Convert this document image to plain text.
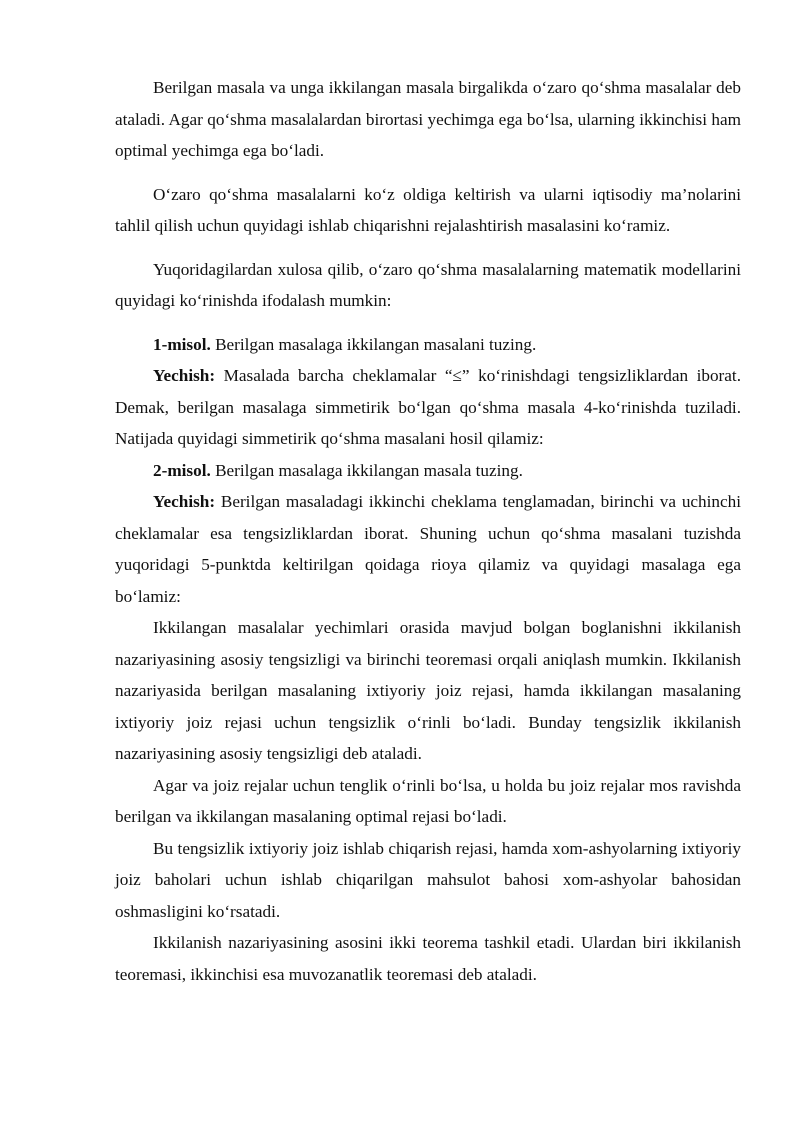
Berilgan masala va unga ikkilangan masala birgalikda o‘zaro qo‘shma masalalar deb ataladi. Agar qo‘shma masalalardan birortasi yechimga ega bo‘lsa, ularning ikkinchisi ham optimal yechimga ega bo‘ladi.

O‘zaro qo‘shma masalalarni ko‘z oldiga keltirish va ularni iqtisodiy ma’nolarini tahlil qilish uchun quyidagi ishlab chiqarishni rejalashtirish masalasini ko‘ramiz.

Yuqoridagilardan xulosa qilib, o‘zaro qo‘shma masalalarning matematik modellarini quyidagi ko‘rinishda ifodalash mumkin:

1-misol. Berilgan masalaga ikkilangan masalani tuzing.

Yechish: Masalada barcha cheklamalar “≤” ko‘rinishdagi tengsizliklardan iborat. Demak, berilgan masalaga simmetirik bo‘lgan qo‘shma masala 4-ko‘rinishda tuziladi. Natijada quyidagi simmetirik qo‘shma masalani hosil qilamiz:

2-misol. Berilgan masalaga ikkilangan masala tuzing.

Yechish: Berilgan masaladagi ikkinchi cheklama tenglamadan, birinchi va uchinchi cheklamalar esa tengsizliklardan iborat. Shuning uchun qo‘shma masalani tuzishda yuqoridagi 5-punktda keltirilgan qoidaga rioya qilamiz va quyidagi masalaga ega bo‘lamiz:

Ikkilangan masalalar yechimlari orasida mavjud bolgan boglanishni ikkilanish nazariyasining asosiy tengsizligi va birinchi teoremasi orqali aniqlash mumkin. Ikkilanish nazariyasida berilgan masalaning ixtiyoriy joiz rejasi, hamda ikkilangan masalaning ixtiyoriy joiz rejasi uchun tengsizlik o‘rinli bo‘ladi. Bunday tengsizlik ikkilanish nazariyasining asosiy tengsizligi deb ataladi.

Agar va joiz rejalar uchun tenglik o‘rinli bo‘lsa, u holda bu joiz rejalar mos ravishda berilgan va ikkilangan masalaning optimal rejasi bo‘ladi.

Bu tengsizlik ixtiyoriy joiz ishlab chiqarish rejasi, hamda xom-ashyolarning ixtiyoriy joiz baholari uchun ishlab chiqarilgan mahsulot bahosi xom-ashyolar bahosidan oshmasligini ko‘rsatadi.

Ikkilanish nazariyasining asosini ikki teorema tashkil etadi. Ulardan biri ikkilanish teoremasi, ikkinchisi esa muvozanatlik teoremasi deb ataladi.
